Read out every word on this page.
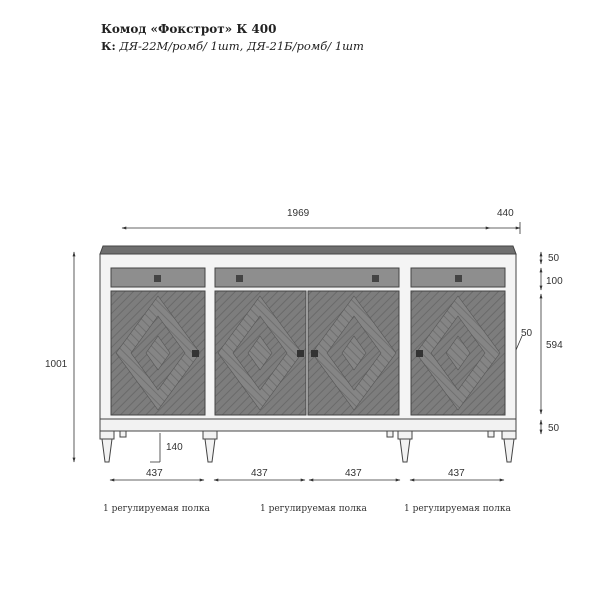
Комод «Фокстрот» К 400
К: ДЯ-22М/ромб/ 1шт, ДЯ-21Б/ромб/ 1шт
1969	440
1001
50
100
50
594
50
140
437	437	437	437
1 регулируемая полка	1 регулируемая полка	1 регулируемая полка
